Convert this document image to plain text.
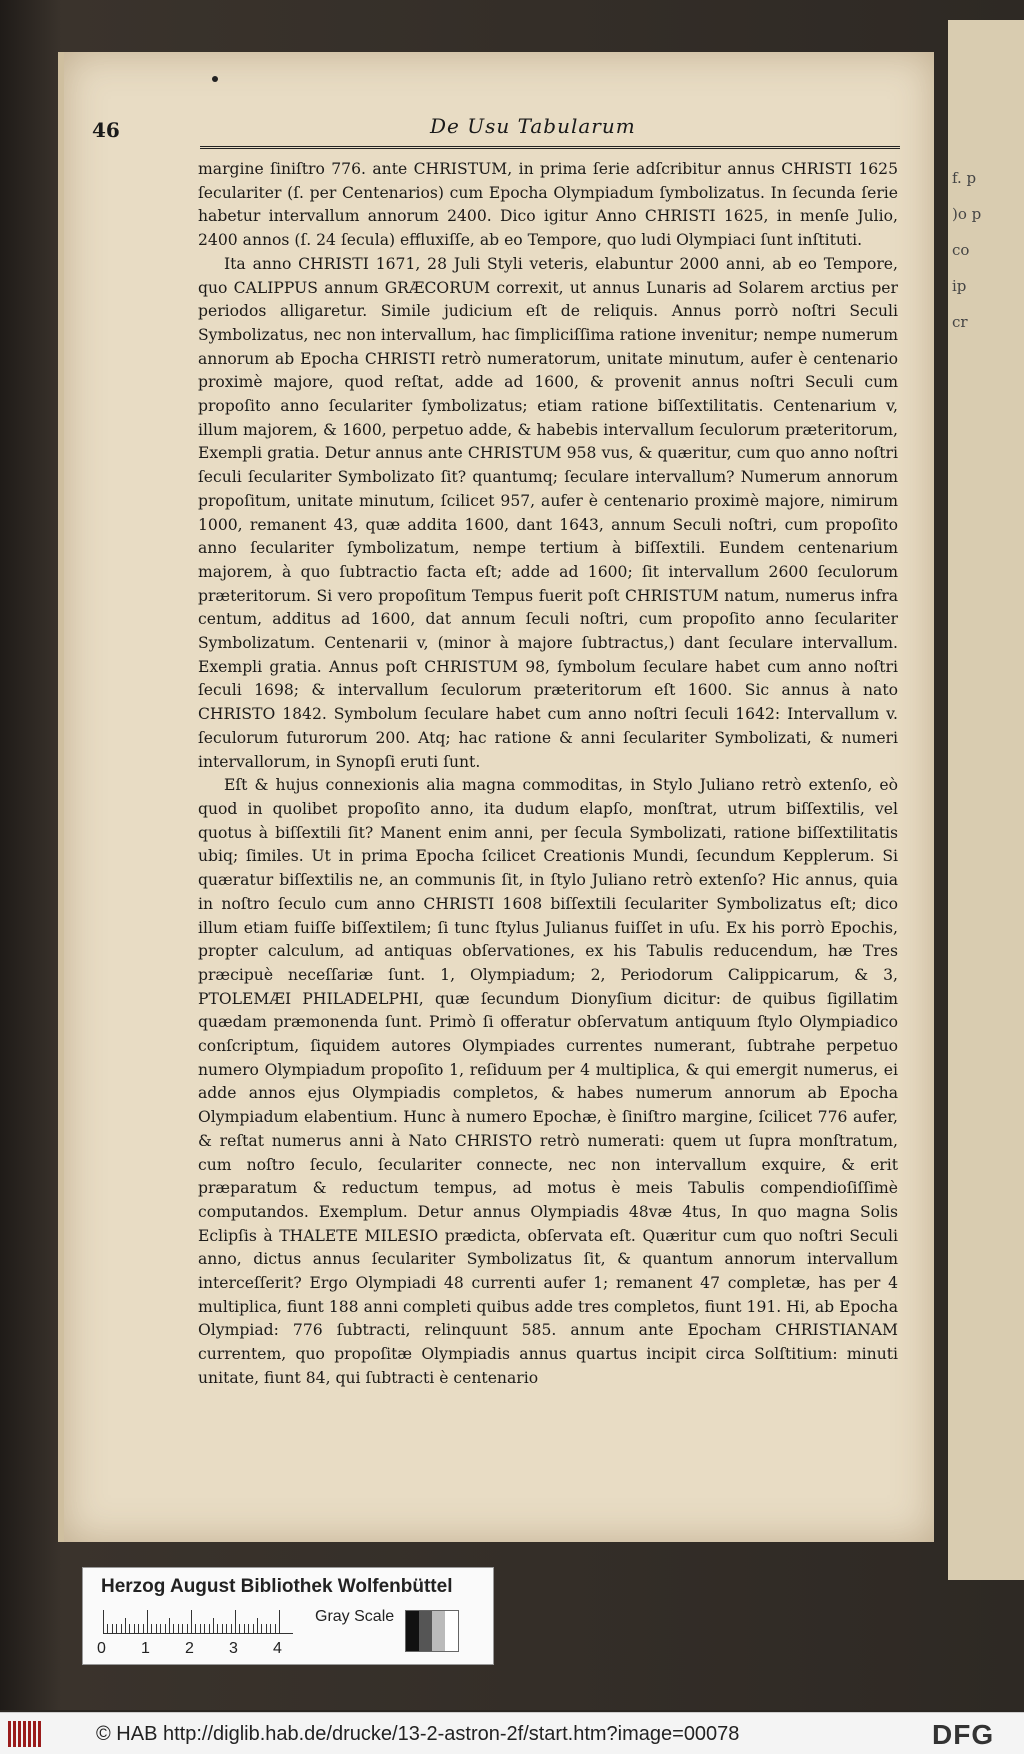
f. p
)o p
co
ip
cr
46	De Usu Tabularum

margine ſiniſtro 776. ante CHRISTUM, in prima ſerie adſcribitur annus CHRISTI 1625 ſeculariter (ſ. per Centenarios) cum Epocha Olympiadum ſymbolizatus. In ſecunda ſerie habetur intervallum annorum 2400. Dico igitur Anno CHRISTI 1625, in menſe Julio, 2400 annos (ſ. 24 ſecula) effluxiſſe, ab eo Tempore, quo ludi Olympiaci ſunt inſtituti.

Ita anno CHRISTI 1671, 28 Juli Styli veteris, elabuntur 2000 anni, ab eo Tempore, quo CALIPPUS annum GRÆCORUM correxit, ut annus Lunaris ad Solarem arctius per periodos alligaretur. Simile judicium eſt de reliquis. Annus porrò noſtri Seculi Symbolizatus, nec non intervallum, hac ſimpliciſſima ratione invenitur; nempe numerum annorum ab Epocha CHRISTI retrò numeratorum, unitate minutum, aufer è centenario proximè majore, quod reſtat, adde ad 1600, & provenit annus noſtri Seculi cum propoſito anno ſeculariter ſymbolizatus; etiam ratione biſſextilitatis. Centenarium v, illum majorem, & 1600, perpetuo adde, & habebis intervallum ſeculorum præteritorum, Exempli gratia. Detur annus ante CHRISTUM 958 vus, & quæritur, cum quo anno noſtri ſeculi ſeculariter Symbolizato ſit? quantumq; ſeculare intervallum? Numerum annorum propoſitum, unitate minutum, ſcilicet 957, aufer è centenario proximè majore, nimirum 1000, remanent 43, quæ addita 1600, dant 1643, annum Seculi noſtri, cum propoſito anno ſeculariter ſymbolizatum, nempe tertium à biſſextili. Eundem centenarium majorem, à quo ſubtractio facta eſt; adde ad 1600; ſit intervallum 2600 ſeculorum præteritorum. Si vero propoſitum Tempus fuerit poſt CHRISTUM natum, numerus infra centum, additus ad 1600, dat annum ſeculi noſtri, cum propoſito anno ſeculariter Symbolizatum. Centenarii v, (minor à majore ſubtractus,) dant ſeculare intervallum. Exempli gratia. Annus poſt CHRISTUM 98, ſymbolum ſeculare habet cum anno noſtri ſeculi 1698; & intervallum ſeculorum præteritorum eſt 1600. Sic annus à nato CHRISTO 1842. Symbolum ſeculare habet cum anno noſtri ſeculi 1642: Intervallum v. ſeculorum futurorum 200. Atq; hac ratione & anni ſeculariter Symbolizati, & numeri intervallorum, in Synopſi eruti ſunt.

Eſt & hujus connexionis alia magna commoditas, in Stylo Juliano retrò extenſo, eò quod in quolibet propoſito anno, ita dudum elapſo, monſtrat, utrum biſſextilis, vel quotus à biſſextili ſit? Manent enim anni, per ſecula Symbolizati, ratione biſſextilitatis ubiq; ſimiles. Ut in prima Epocha ſcilicet Creationis Mundi, ſecundum Kepplerum. Si quæratur biſſextilis ne, an communis ſit, in ſtylo Juliano retrò extenſo? Hic annus, quia in noſtro ſeculo cum anno CHRISTI 1608 biſſextili ſeculariter Symbolizatus eſt; dico illum etiam fuiſſe biſſextilem; ſi tunc ſtylus Julianus fuiſſet in uſu. Ex his porrò Epochis, propter calculum, ad antiquas obſervationes, ex his Tabulis reducendum, hæ Tres præcipuè neceſſariæ ſunt. 1, Olympiadum; 2, Periodorum Calippicarum, & 3, PTOLEMÆI PHILADELPHI, quæ ſecundum Dionyſium dicitur: de quibus ſigillatim quædam præmonenda ſunt. Primò ſi offeratur obſervatum antiquum ſtylo Olympiadico conſcriptum, ſiquidem autores Olympiades currentes numerant, ſubtrahe perpetuo numero Olympiadum propoſito 1, reſiduum per 4 multiplica, & qui emergit numerus, ei adde annos ejus Olympiadis completos, & habes numerum annorum ab Epocha Olympiadum elabentium. Hunc à numero Epochæ, è ſiniſtro margine, ſcilicet 776 aufer, & reſtat numerus anni à Nato CHRISTO retrò numerati: quem ut ſupra monſtratum, cum noſtro ſeculo, ſeculariter connecte, nec non intervallum exquire, & erit præparatum & reductum tempus, ad motus è meis Tabulis compendioſiſſimè computandos. Exemplum. Detur annus Olympiadis 48væ 4tus, In quo magna Solis Eclipſis à THALETE MILESIO prædicta, obſervata eſt. Quæritur cum quo noſtri Seculi anno, dictus annus ſeculariter Symbolizatus ſit, & quantum annorum intervallum interceſſerit? Ergo Olympiadi 48 currenti aufer 1; remanent 47 completæ, has per 4 multiplica, fiunt 188 anni completi quibus adde tres completos, fiunt 191. Hi, ab Epocha Olympiad: 776 ſubtracti, relinquunt 585. annum ante Epocham CHRISTIANAM currentem, quo propoſitæ Olympiadis annus quartus incipit circa Solſtitium: minuti unitate, fiunt 84, qui ſubtracti è centenario

Herzog August Bibliothek Wolfenbüttel
0 1 2 3 4
Gray Scale
© HAB http://diglib.hab.de/drucke/13-2-astron-2f/start.htm?image=00078	DFG
